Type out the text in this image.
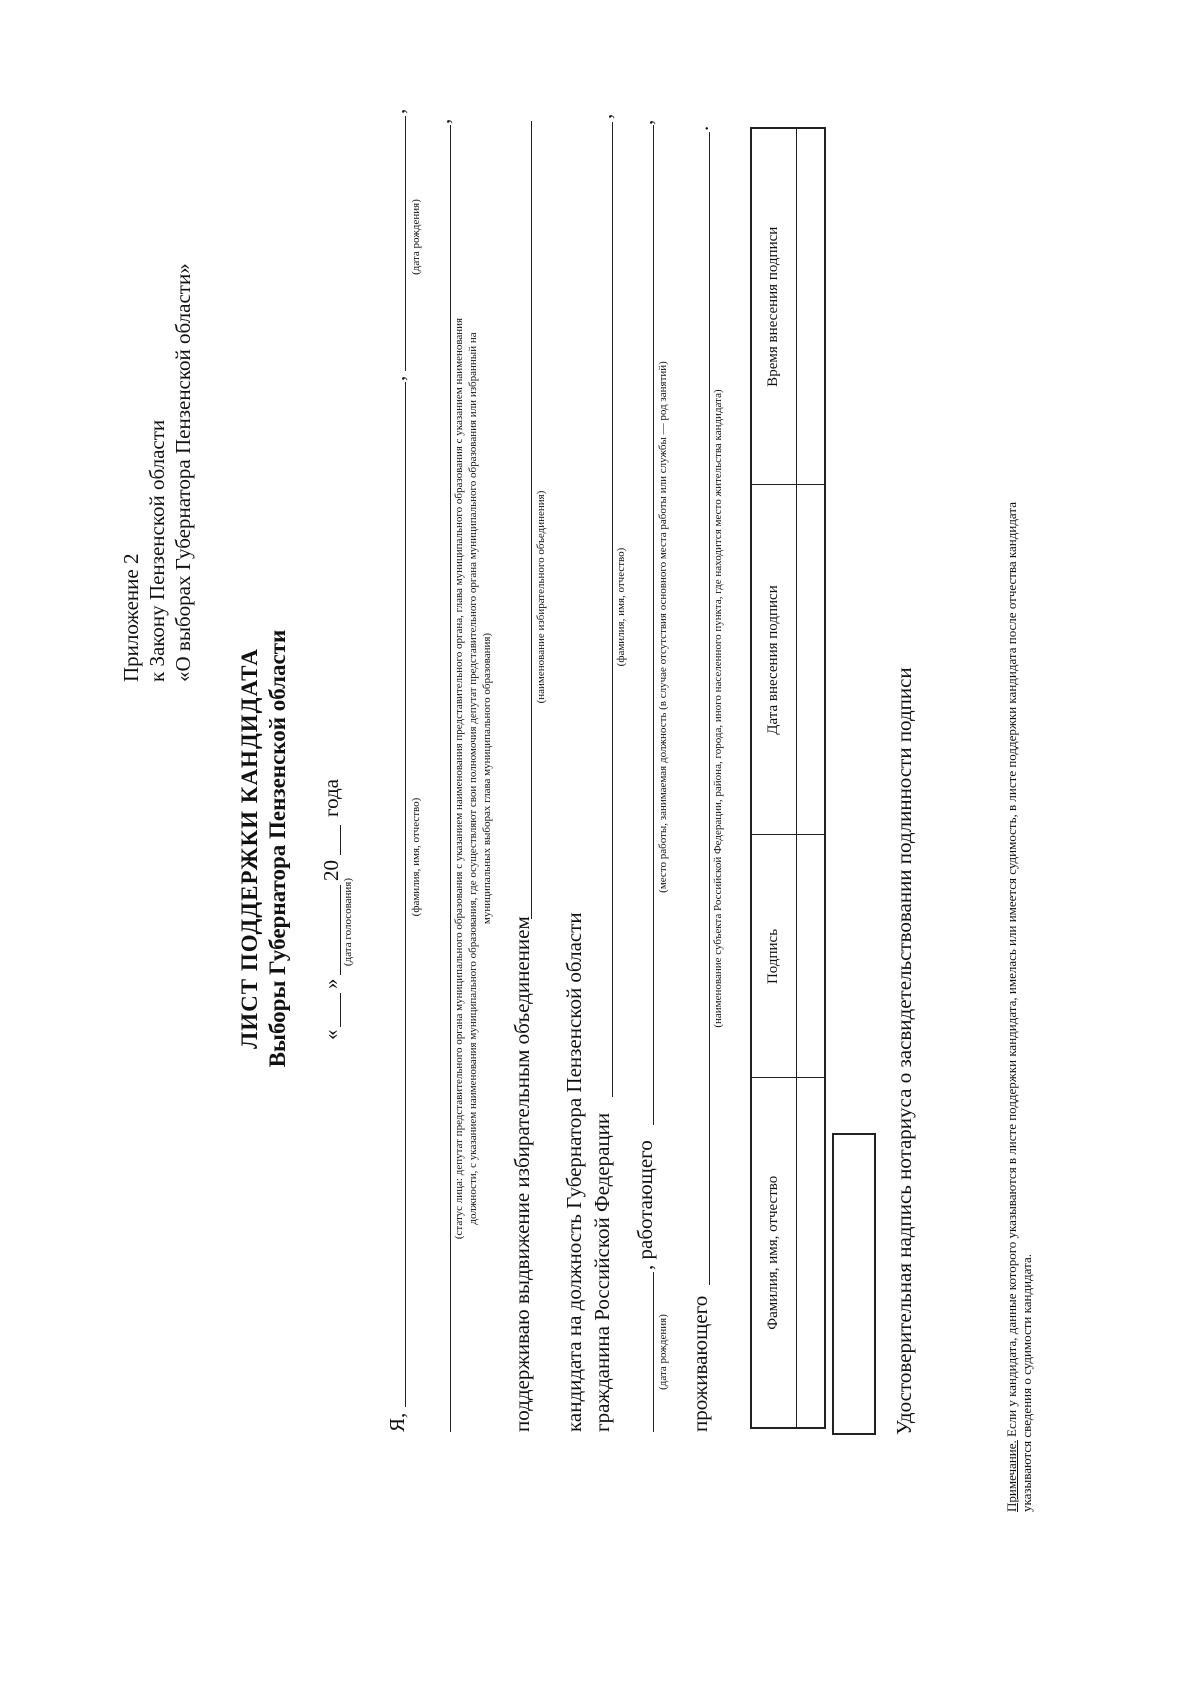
Приложение 2 к Закону Пензенской области «О выборах Губернатора Пензенской области»
ЛИСТ ПОДДЕРЖКИ КАНДИДАТА Выборы Губернатора Пензенской области «
»
20
года
(дата голосования)
Я,
,
,
(фамилия, имя, отчество)
(дата рождения)
,
(статус лица: депутат представительного органа муниципального образования с указанием наименования представительного органа, глава муниципального образования с указанием наименования должности, с указанием наименования муниципального образования, где осуществляют свои полномочия депутат представительного органа муниципального образования или избранный на муниципальных выборах глава муниципального образования)
поддерживаю выдвижение избирательным объединением
(наименование избирательного объединения)
кандидата на должность Губернатора Пензенской области гражданина Российской Федерации
,
(фамилия, имя, отчество)
, работающего
,
(дата рождения)
(место работы, занимаемая должность (в случае отсутствия основного места работы или службы — род занятий)
проживающего
.
(наименование субъекта Российской Федерации, района, города, иного населенного пункта, где находится место жительства кандидата)
Фамилия, имя, отчество	Подпись	Дата внесения подписи	Время внесения подписи

Удостоверительная надпись нотариуса о засвидетельствовании подлинности подписи
Примечание. Если у кандидата, данные которого указываются в листе поддержки кандидата, имелась или имеется судимость, в листе поддержки кандидата после отчества кандидата указываются сведения о судимости кандидата.
